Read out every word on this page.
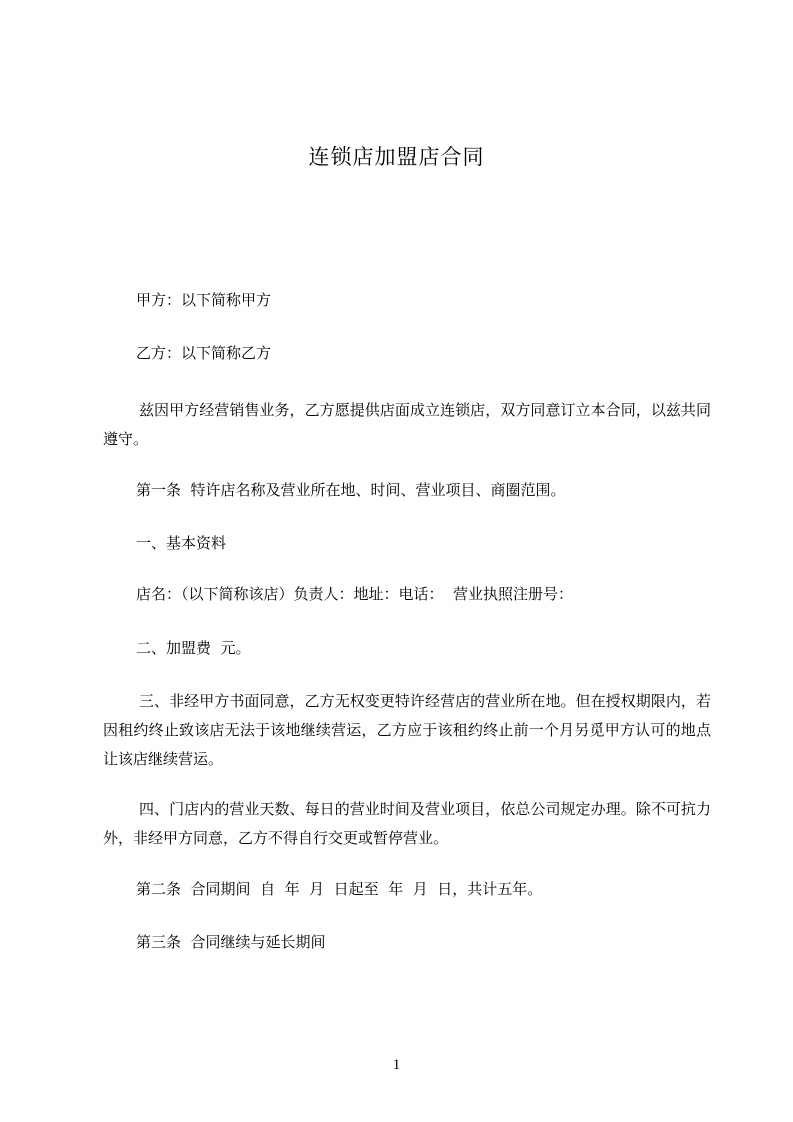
连锁店加盟店合同
甲方：以下简称甲方
乙方：以下简称乙方
兹因甲方经营销售业务，乙方愿提供店面成立连锁店，双方同意订立本合同，以兹共同遵守。
第一条  特许店名称及营业所在地、时间、营业项目、商圈范围。
一、基本资料
店名：（以下简称该店）负责人：地址：电话：  营业执照注册号：
二、加盟费  元。
三、非经甲方书面同意，乙方无权变更特许经营店的营业所在地。但在授权期限内，若因租约终止致该店无法于该地继续营运，乙方应于该租约终止前一个月另觅甲方认可的地点让该店继续营运。
四、门店内的营业天数、每日的营业时间及营业项目，依总公司规定办理。除不可抗力外，非经甲方同意，乙方不得自行交更或暂停营业。
第二条  合同期间  自  年  月  日起至  年  月  日，共计五年。
第三条  合同继续与延长期间
1
